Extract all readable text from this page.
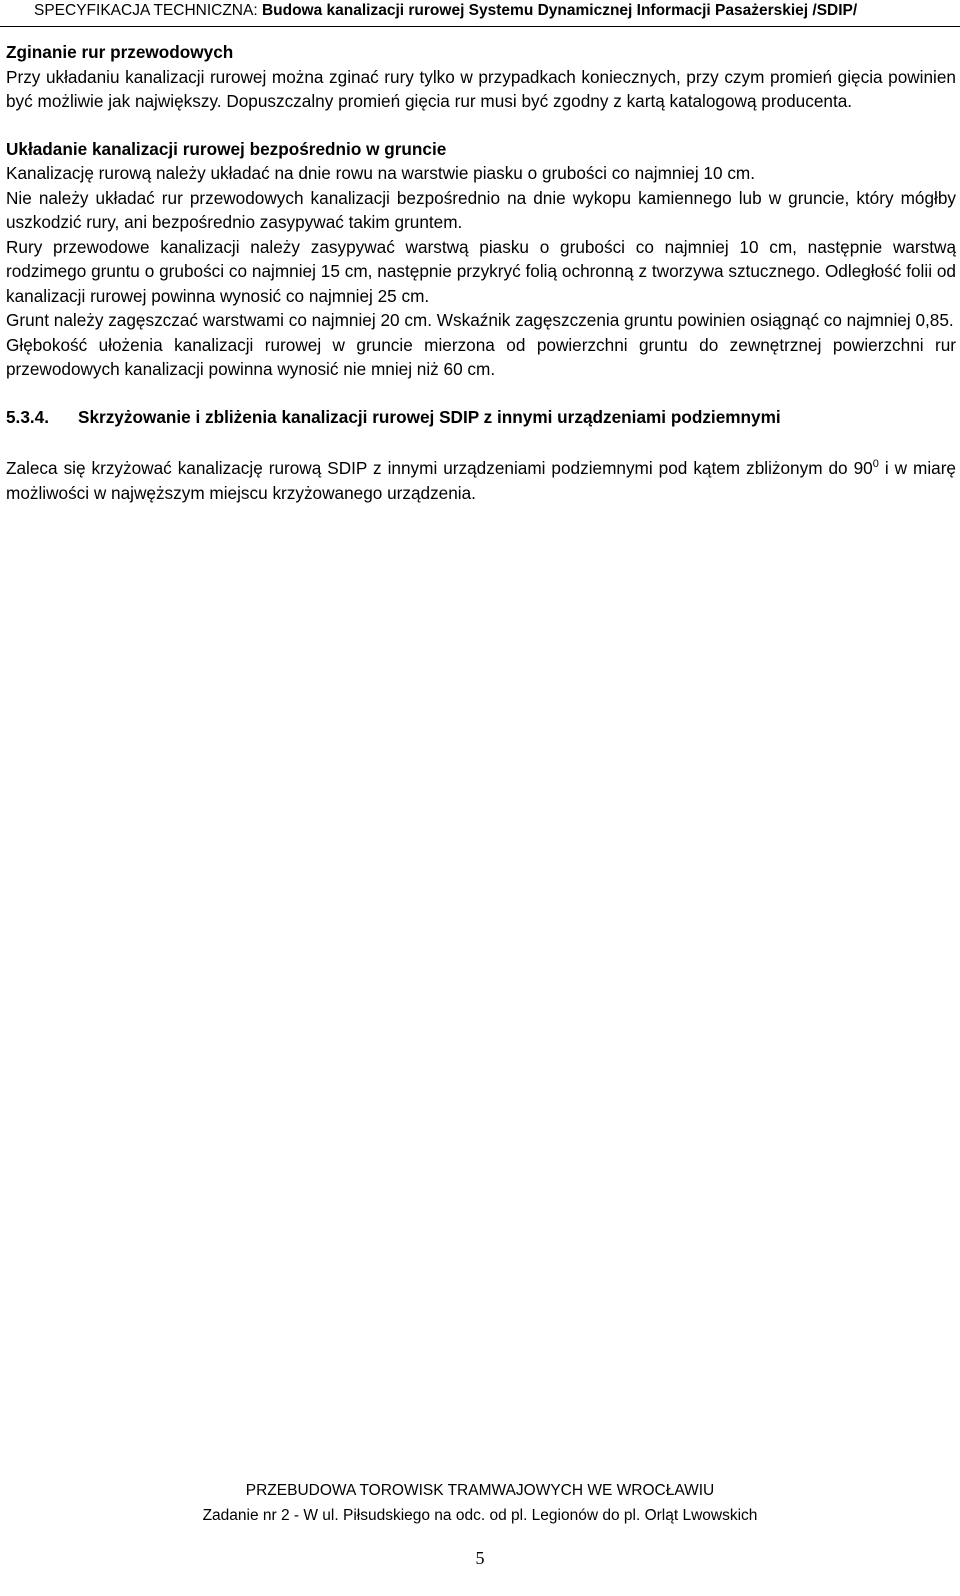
SPECYFIKACJA TECHNICZNA: Budowa kanalizacji rurowej Systemu Dynamicznej Informacji Pasażerskiej /SDIP/

Zginanie rur przewodowych

Przy układaniu kanalizacji rurowej można zginać rury tylko w przypadkach koniecznych, przy czym promień gięcia powinien być możliwie jak największy. Dopuszczalny promień gięcia rur musi być zgodny z kartą katalogową producenta.

Układanie kanalizacji rurowej bezpośrednio w gruncie

Kanalizację rurową należy układać na dnie rowu na warstwie piasku o grubości co najmniej 10 cm.

Nie należy układać rur przewodowych kanalizacji bezpośrednio na dnie wykopu kamiennego lub w gruncie, który mógłby uszkodzić rury, ani bezpośrednio zasypywać takim gruntem.

Rury przewodowe kanalizacji należy zasypywać warstwą piasku o grubości co najmniej 10 cm, następnie warstwą rodzimego gruntu o grubości co najmniej 15 cm, następnie przykryć folią ochronną z tworzywa sztucznego. Odległość folii od kanalizacji rurowej powinna wynosić co najmniej 25 cm.

Grunt należy zagęszczać warstwami co najmniej 20 cm. Wskaźnik zagęszczenia gruntu powinien osiągnąć co najmniej 0,85.

Głębokość ułożenia kanalizacji rurowej w gruncie mierzona od powierzchni gruntu do zewnętrznej powierzchni rur przewodowych kanalizacji powinna wynosić nie mniej niż 60 cm.

5.3.4.	Skrzyżowanie i zbliżenia kanalizacji rurowej SDIP z innymi urządzeniami podziemnymi

Zaleca się krzyżować kanalizację rurową SDIP z innymi urządzeniami podziemnymi pod kątem zbliżonym do $90^0$ i w miarę możliwości w najwęższym miejscu krzyżowanego urządzenia.

PRZEBUDOWA TOROWISK TRAMWAJOWYCH WE WROCŁAWIU
Zadanie nr 2 - W ul. Piłsudskiego na odc. od pl. Legionów do pl. Orląt Lwowskich
5
